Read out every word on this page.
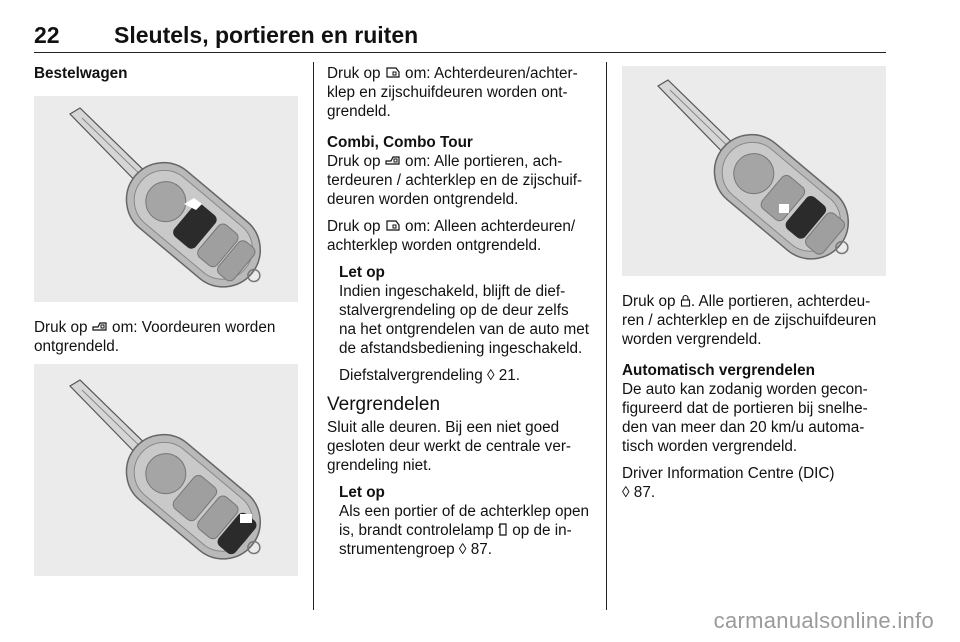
22 Sleutels, portieren en ruiten

Bestelwagen

Druk op
om: Voordeuren worden
ontgrendeld.

Druk op
om: Achterdeuren/achter-
klep en zijschuifdeuren worden ont-
grendeld.

Combi, Combo Tour

Druk op
om: Alle portieren, ach-
terdeuren / achterklep en de zijschuif-
deuren worden ontgrendeld.

Druk op
om: Alleen achterdeuren/
achterklep worden ontgrendeld.

Let op

Indien ingeschakeld, blijft de dief-
stalvergrendeling op de deur zelfs
na het ontgrendelen van de auto met
de afstandsbediening ingeschakeld.

Diefstalvergrendeling ◊ 21.

Vergrendelen

Sluit alle deuren. Bij een niet goed
gesloten deur werkt de centrale ver-
grendeling niet.

Let op

Als een portier of de achterklep open
is, brandt controlelamp
op de in-
strumentengroep ◊ 87.

Druk op
. Alle portieren, achterdeu-
ren / achterklep en de zijschuifdeuren
worden vergrendeld.

Automatisch vergrendelen

De auto kan zodanig worden gecon-
figureerd dat de portieren bij snelhe-
den van meer dan 20 km/u automa-
tisch worden vergrendeld.

Driver Information Centre (DIC)
◊ 87.

carmanualsonline.info
